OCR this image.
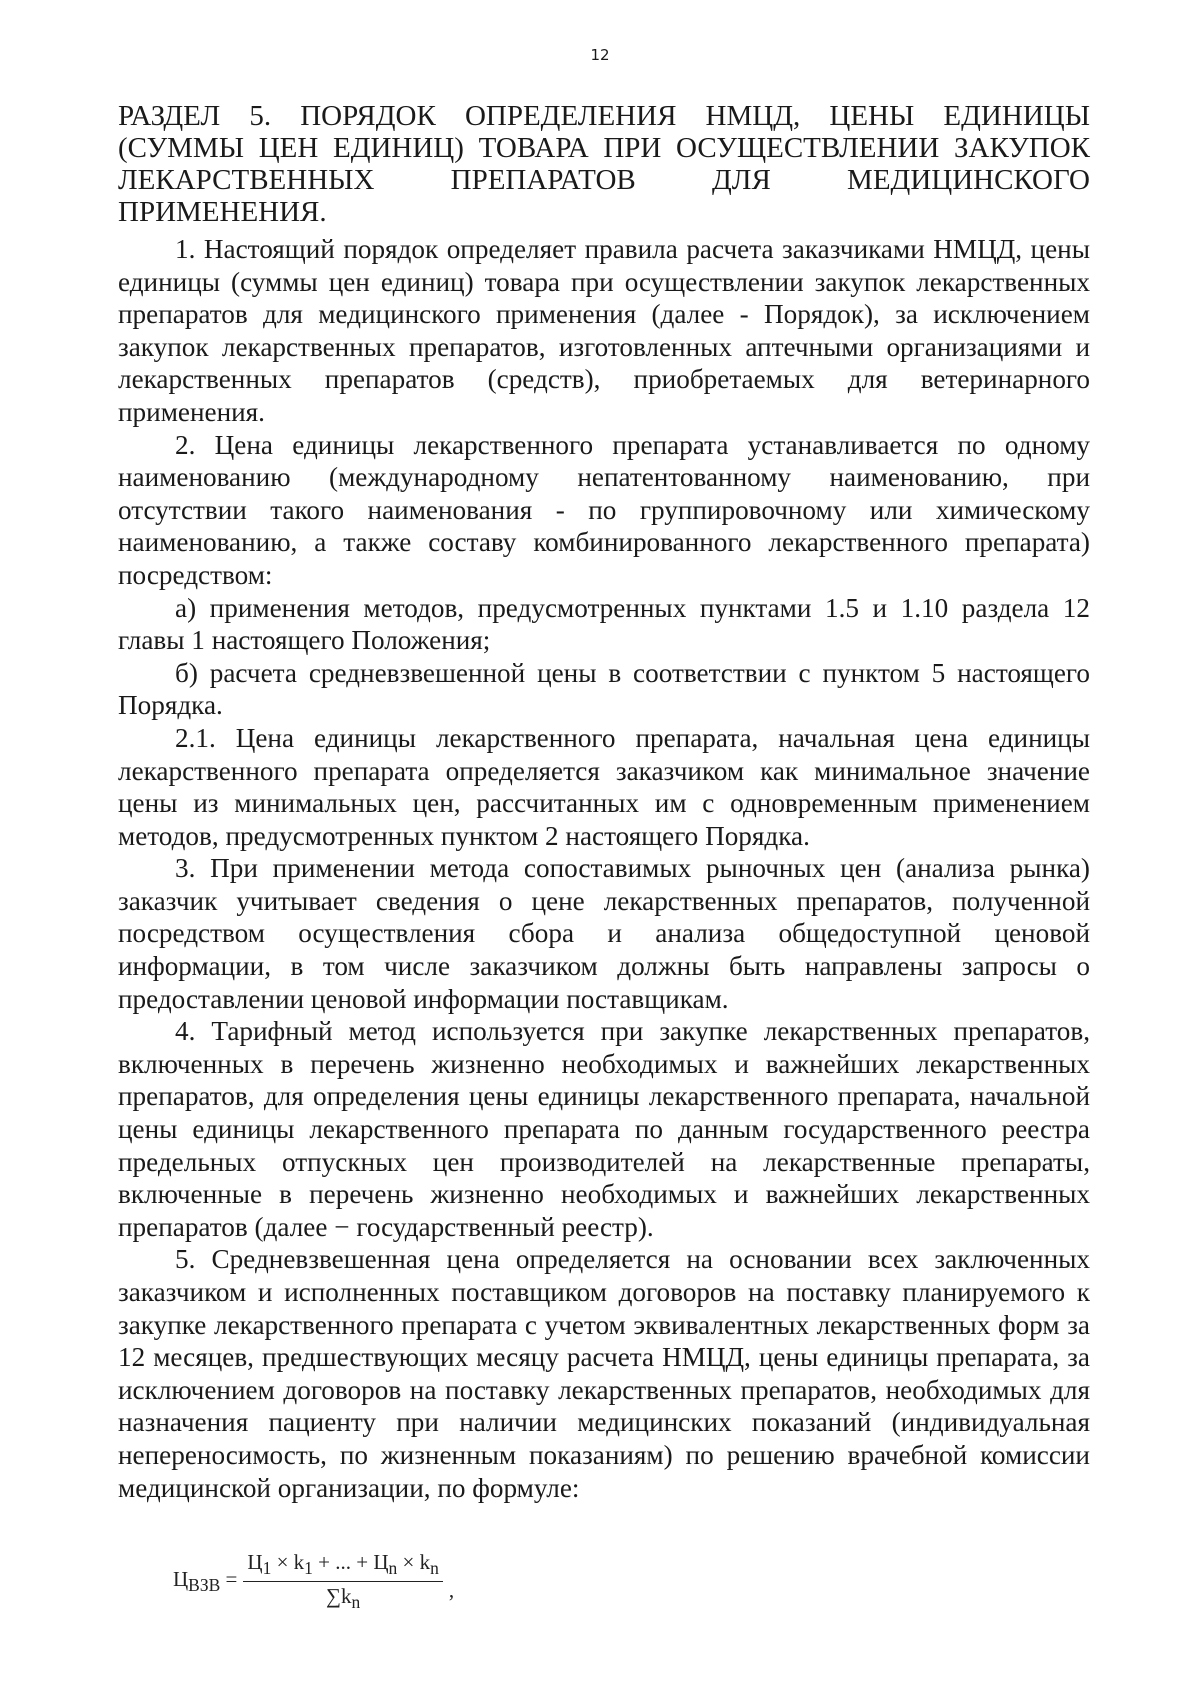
12
РАЗДЕЛ 5. ПОРЯДОК ОПРЕДЕЛЕНИЯ НМЦД, ЦЕНЫ ЕДИНИЦЫ (СУММЫ ЦЕН ЕДИНИЦ) ТОВАРА ПРИ ОСУЩЕСТВЛЕНИИ ЗАКУПОК ЛЕКАРСТВЕННЫХ ПРЕПАРАТОВ ДЛЯ МЕДИЦИНСКОГО ПРИМЕНЕНИЯ.

1. Настоящий порядок определяет правила расчета заказчиками НМЦД, цены единицы (суммы цен единиц) товара при осуществлении закупок лекарственных препаратов для медицинского применения (далее - Порядок), за исключением закупок лекарственных препаратов, изготовленных аптечными организациями и лекарственных препаратов (средств), приобретаемых для ветеринарного применения.

2. Цена единицы лекарственного препарата устанавливается по одному наименованию (международному непатентованному наименованию, при отсутствии такого наименования - по группировочному или химическому наименованию, а также составу комбинированного лекарственного препарата) посредством:

а) применения методов, предусмотренных пунктами 1.5 и 1.10 раздела 12 главы 1 настоящего Положения;

б) расчета средневзвешенной цены в соответствии с пунктом 5 настоящего Порядка.

2.1. Цена единицы лекарственного препарата, начальная цена единицы лекарственного препарата определяется заказчиком как минимальное значение цены из минимальных цен, рассчитанных им с одновременным применением методов, предусмотренных пунктом 2 настоящего Порядка.

3. При применении метода сопоставимых рыночных цен (анализа рынка) заказчик учитывает сведения о цене лекарственных препаратов, полученной посредством осуществления сбора и анализа общедоступной ценовой информации, в том числе заказчиком должны быть направлены запросы о предоставлении ценовой информации поставщикам.

4. Тарифный метод используется при закупке лекарственных препаратов, включенных в перечень жизненно необходимых и важнейших лекарственных препаратов, для определения цены единицы лекарственного препарата, начальной цены единицы лекарственного препарата по данным государственного реестра предельных отпускных цен производителей на лекарственные препараты, включенные в перечень жизненно необходимых и важнейших лекарственных препаратов (далее − государственный реестр).

5. Средневзвешенная цена определяется на основании всех заключенных заказчиком и исполненных поставщиком договоров на поставку планируемого к закупке лекарственного препарата с учетом эквивалентных лекарственных форм за 12 месяцев, предшествующих месяцу расчета НМЦД, цены единицы препарата, за исключением договоров на поставку лекарственных препаратов, необходимых для назначения пациенту при наличии медицинских показаний (индивидуальная непереносимость, по жизненным показаниям) по решению врачебной комиссии медицинской организации, по формуле:

$Ц_{ВЗВ} = \frac{Ц_1 \times k_1 + ... + Ц_n \times k_n}{\sum k_n}$ ,
